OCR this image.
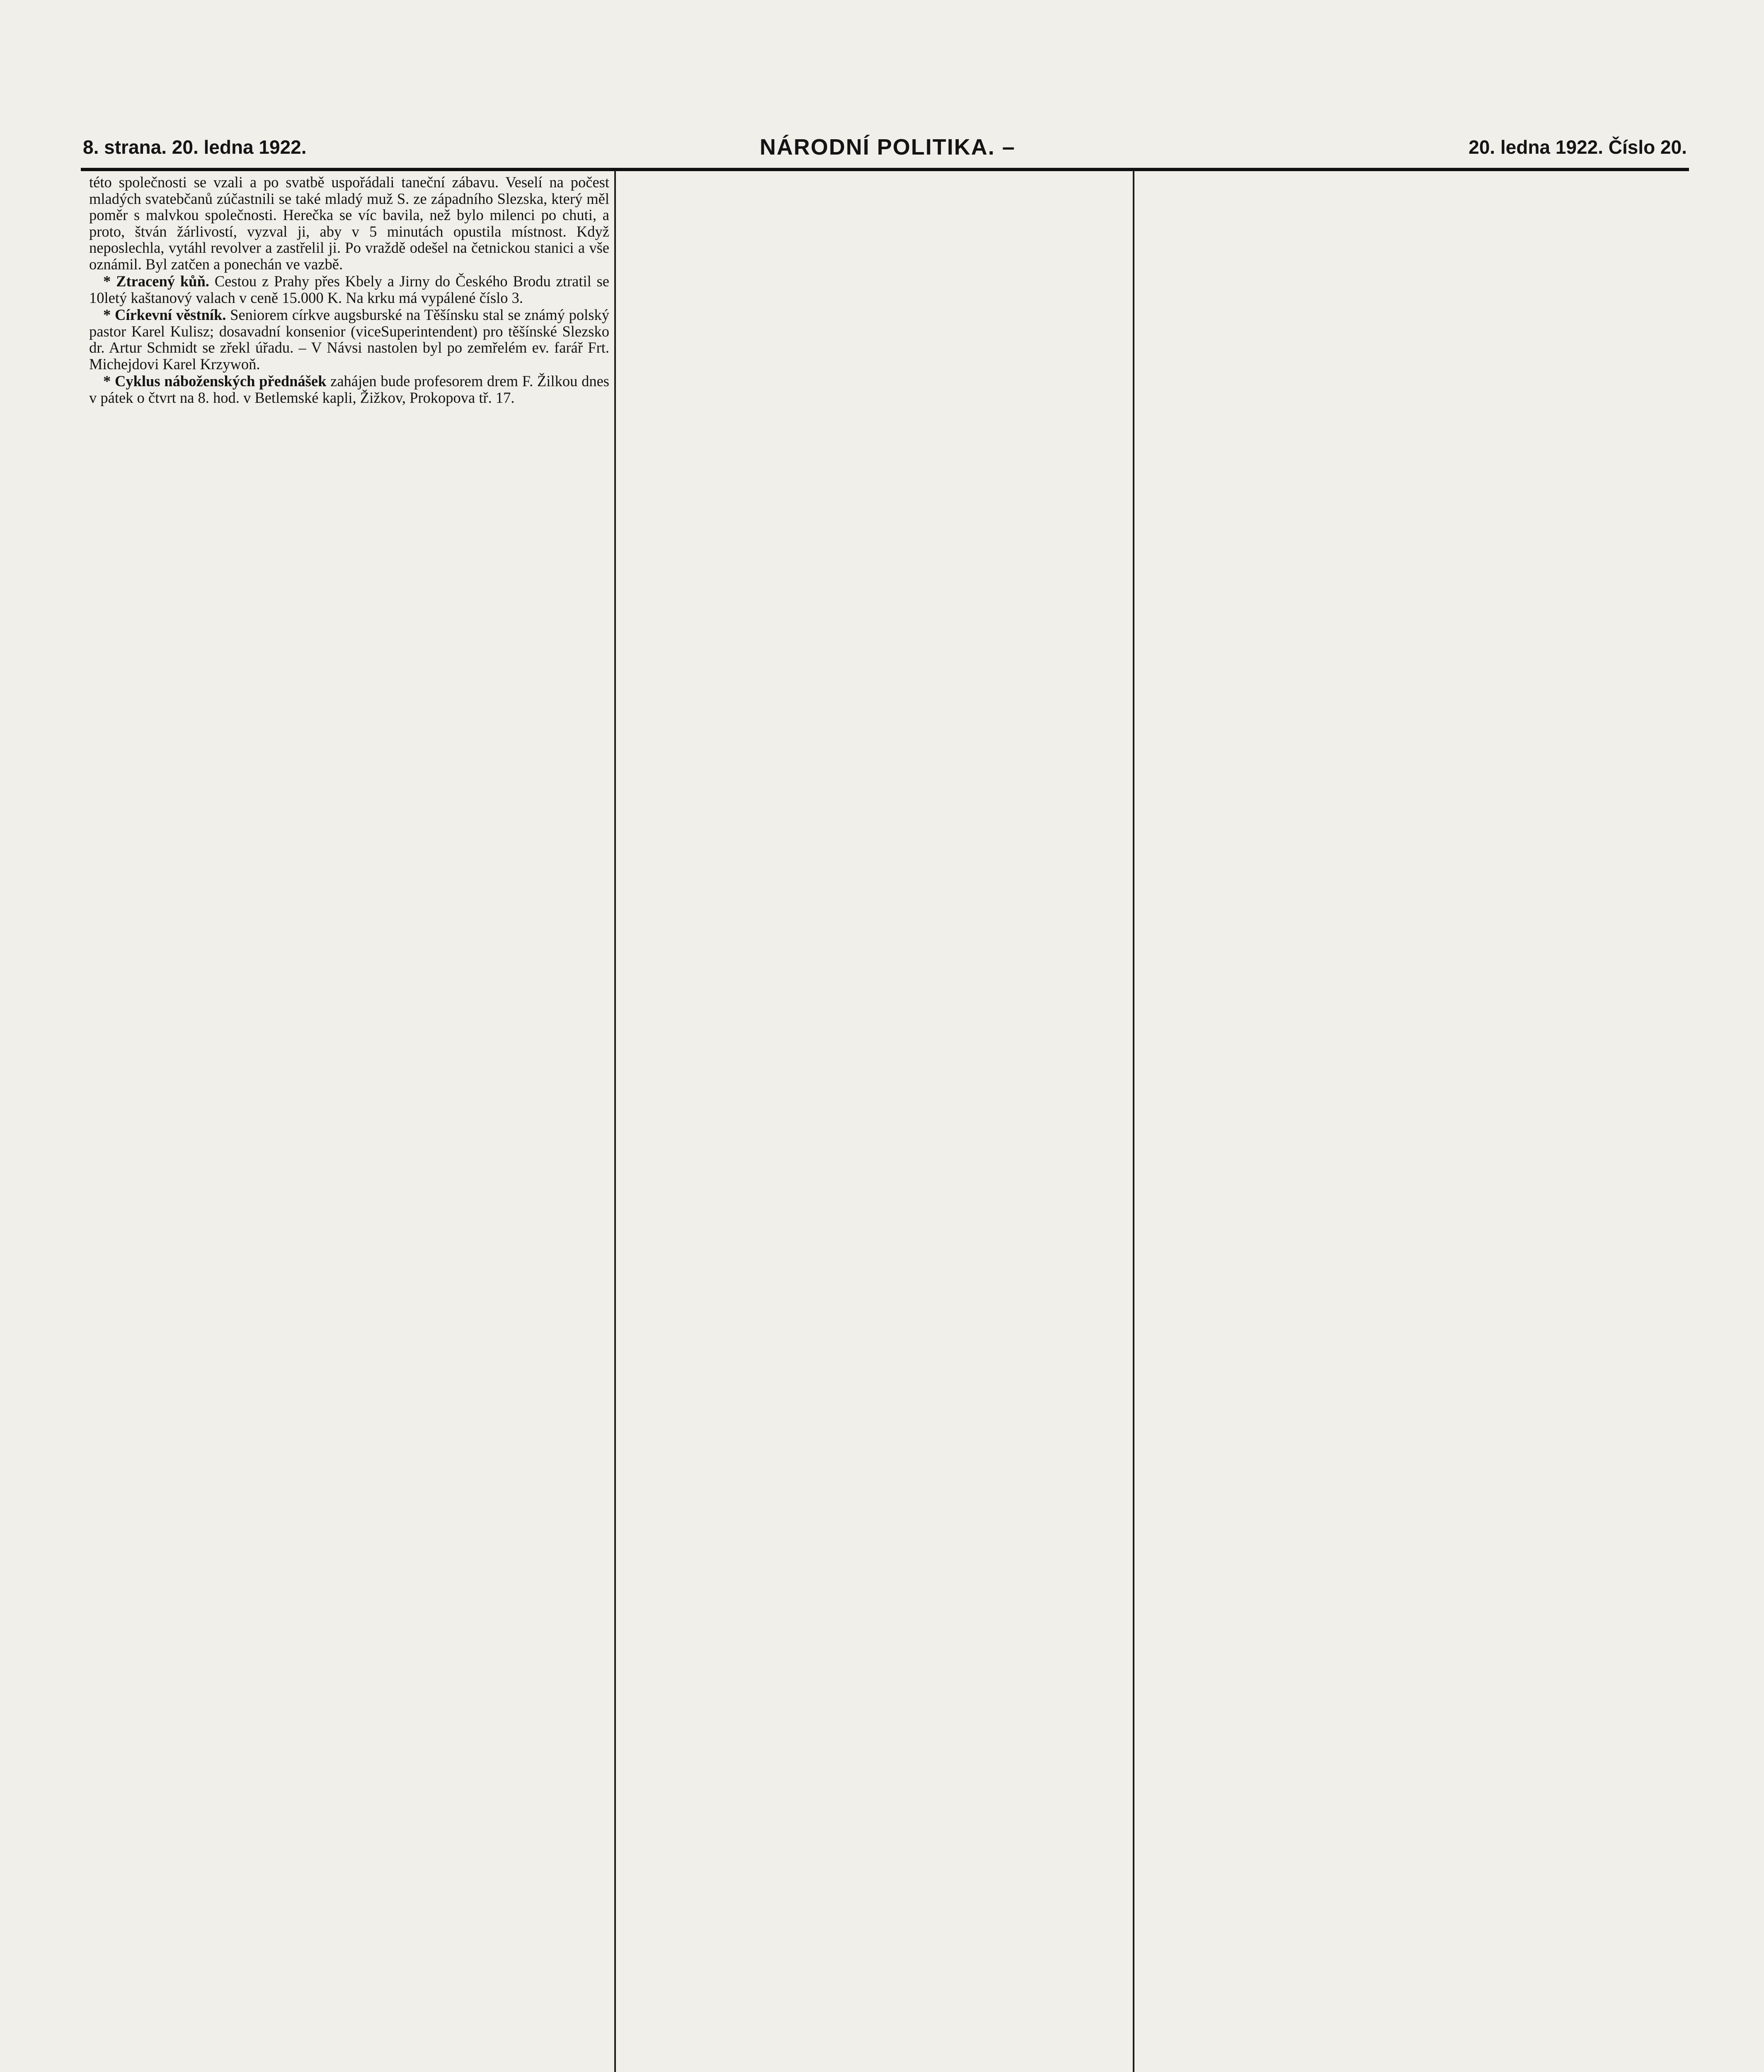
8. strana. 20. ledna 1922.	NÁRODNÍ POLITIKA. –	20. ledna 1922. Číslo 20.

této společnosti se vzali a po svatbě uspořádali taneční zábavu. Veselí na počest mladých svatebčanů zúčastnili se také mladý muž S. ze západního Slezska, který měl poměr s malvkou společnosti. Herečka se víc bavila, než bylo milenci po chuti, a proto, štván žárlivostí, vyzval ji, aby v 5 minutách opustila místnost. Když neposlechla, vytáhl revolver a zastřelil ji. Po vraždě odešel na četnickou stanici a vše oznámil. Byl zatčen a ponechán ve vazbě.

* Ztracený kůň. Cestou z Prahy přes Kbely a Jirny do Českého Brodu ztratil se 10letý kaštanový valach v ceně 15.000 K. Na krku má vypálené číslo 3.

* Církevní věstník. Seniorem církve augsburské na Těšínsku stal se známý polský pastor Karel Kulisz; dosavadní konsenior (viceSuperintendent) pro těšínské Slezsko dr. Artur Schmidt se zřekl úřadu. – V Návsi nastolen byl po zemřelém ev. farář Frt. Michejdovi Karel Krzywoň.

* Cyklus náboženských přednášek zahájen bude profesorem drem F. Žilkou dnes v pátek o čtvrt na 8. hod. v Betlemské kapli, Žižkov, Prokopova tř. 17.
